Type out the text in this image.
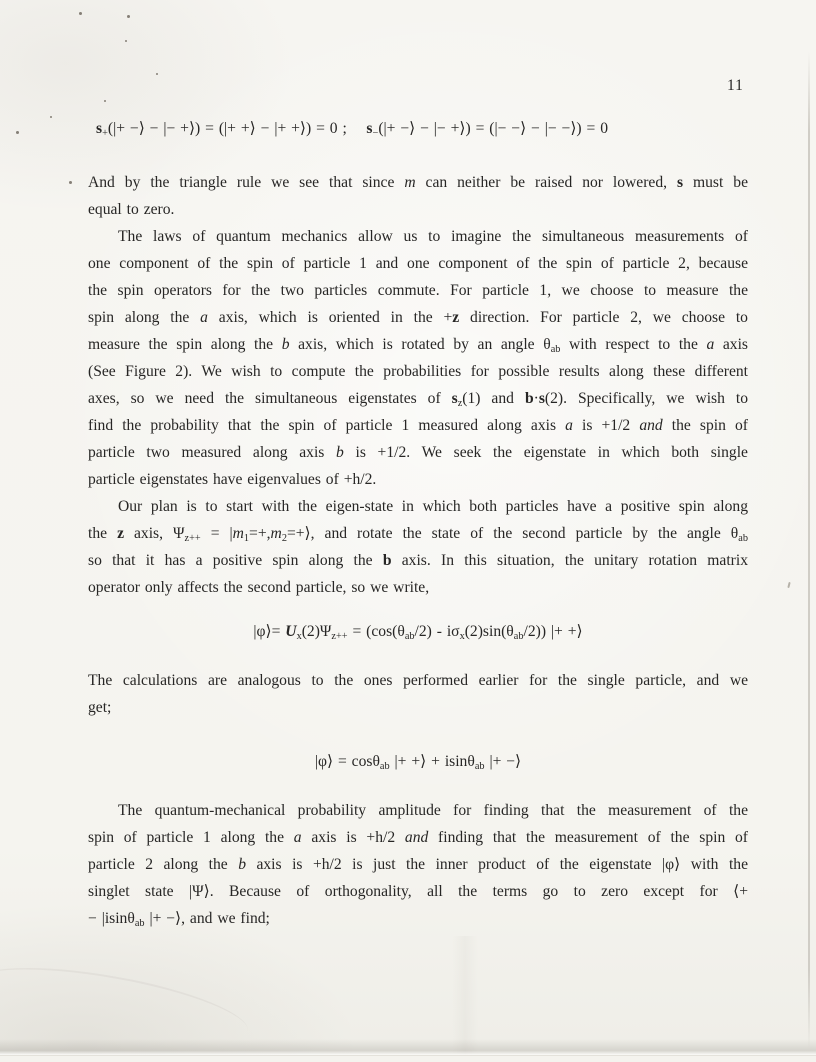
11
$s_+(|+$ −⟩ − |− +⟩) = (|+ +⟩ − |+ +⟩) = 0 ;    $s_-(|+$ −⟩ − |− +⟩) = (|− −⟩ − |− −⟩) = 0
And by the triangle rule we see that since m can neither be raised nor lowered, s must be
equal to zero.
The laws of quantum mechanics allow us to imagine the simultaneous measurements of
one component of the spin of particle 1 and one component of the spin of particle 2, because
the spin operators for the two particles commute. For particle 1, we choose to measure the
spin along the a axis, which is oriented in the +z direction. For particle 2, we choose to
measure the spin along the b axis, which is rotated by an angle $\theta_{ab}$ with respect to the a axis
(See Figure 2). We wish to compute the probabilities for possible results along these different
axes, so we need the simultaneous eigenstates of $s_z(1)$ and b·s(2). Specifically, we wish to
find the probability that the spin of particle 1 measured along axis a is +1/2 and the spin of
particle two measured along axis b is +1/2. We seek the eigenstate in which both single
particle eigenstates have eigenvalues of +h/2.
Our plan is to start with the eigen-state in which both particles have a positive spin along
the z axis, $\Psi_{z++}$ = $|m_1=+,m_2=+⟩$, and rotate the state of the second particle by the angle $\theta_{ab}$
so that it has a positive spin along the b axis. In this situation, the unitary rotation matrix
operator only affects the second particle, so we write,
|φ⟩= $U_x(2)\Psi_{z++} = (\cos(\theta_{ab}/2) - i\sigma_x(2)\sin(\theta_{ab}/2))$ |+ +⟩
The calculations are analogous to the ones performed earlier for the single particle, and we
get;
|φ⟩ = cosθ$_{ab}$ |+ +⟩ + isinθ$_{ab}$ |+ −⟩
The quantum-mechanical probability amplitude for finding that the measurement of the
spin of particle 1 along the a axis is +h/2 and finding that the measurement of the spin of
particle 2 along the b axis is +h/2 is just the inner product of the eigenstate |φ⟩ with the
singlet state |Ψ⟩. Because of orthogonality, all the terms go to zero except for ⟨+
− |isinθ$_{ab}$ |+ −⟩, and we find;
